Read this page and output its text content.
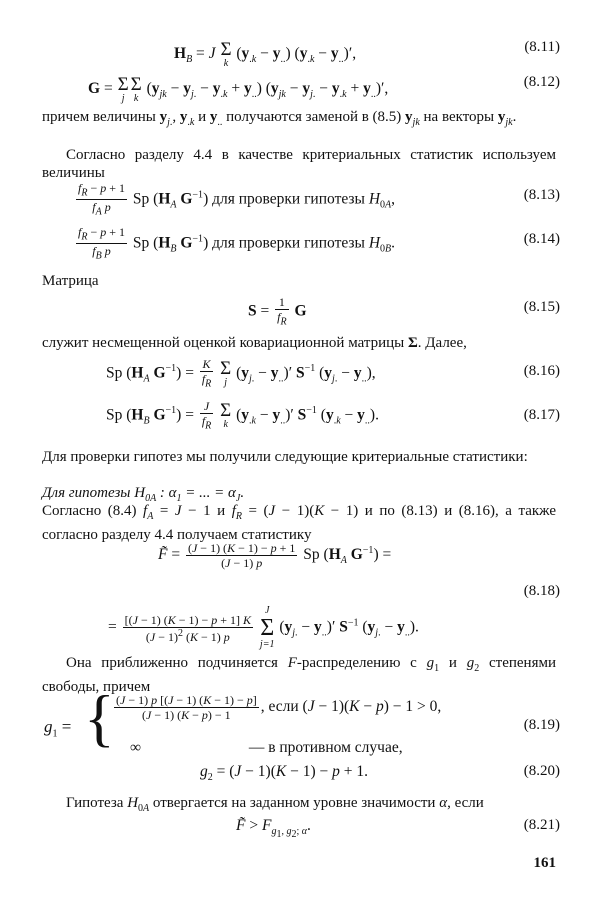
$H_B = J$ Σ
k
$(y_{.k} - y_{..}) (y_{.k} - y_{..})'$,	(8.11)
G = Σ
j
Σ
k
$(y_{jk} - y_{j.} - y_{.k} + y_{..}) (y_{jk} - y_{j.} - y_{.k} + y_{..})'$,	(8.12)
причем величины $y_{j.}$, $y_{.k}$ и $y_{..}$ получаются заменой в (8.5) $y_{jk}$ на векторы $y_{jk}$.
Согласно разделу 4.4 в качестве критериальных статистик используем величины
$\frac{f_R - p + 1}{f_A p}$ Sp ($H_A$ $G^{-1}$) для проверки гипотезы $H_{0A}$,	(8.13)
$\frac{f_R - p + 1}{f_B p}$ Sp ($H_B$ $G^{-1}$) для проверки гипотезы $H_{0B}$.	(8.14)
Матрица
$S = \frac{1}{f_R}$ G	(8.15)
служит несмещенной оценкой ковариационной матрицы Σ. Далее,
Sp ($H_A$ $G^{-1}) = \frac{K}{f_R}$
Σ
j
$(y_{j.} - y_{..})'$ $S^{-1}$ $(y_{j.} - y_{..})$,	(8.16)
Sp ($H_B$ $G^{-1}) = \frac{J}{f_R}$
Σ
k
$(y_{.k} - y_{..})'$ $S^{-1}$ $(y_{.k} - y_{..})$.	(8.17)
Для проверки гипотез мы получили следующие критериальные статистики:
Для гипотезы $H_{0A}$ : $\alpha_1$ = ... = $\alpha_J$.
Согласно (8.4) $f_A = J - 1$ и $f_R = (J - 1)(K - 1)$ и по (8.13) и (8.16), а также согласно разделу 4.4 получаем статистику
F̃ = $\frac{(J - 1) (K - 1) - p + 1}{(J - 1) p}$ Sp ($H_A$ $G^{-1}$) =
(8.18)
= $\frac{[(J - 1) (K - 1) - p + 1] K}{(J - 1)^2 (K - 1) p}$

J
Σ
j=1
$(y_{j.} - y_{..})'$ $S^{-1}$ $(y_{j.} - y_{..})$.
Она приближенно подчиняется F-распределению с $g_1$ и $g_2$ степенями свободы, причем
$g_1$ = { $\frac{(J - 1) p [(J - 1) (K - 1) - p]}{(J - 1) (K - p) - 1}$ , если (J − 1)(K − p) − 1 > 0,
∞	— в противном случае,
(8.19)
$g_2 = (J - 1)(K - 1) - p + 1$.	(8.20)
Гипотеза $H_{0A}$ отвергается на заданном уровне значимости α, если
F̃ > $F_{g_1, g_2; \alpha}$.	(8.21)
161
